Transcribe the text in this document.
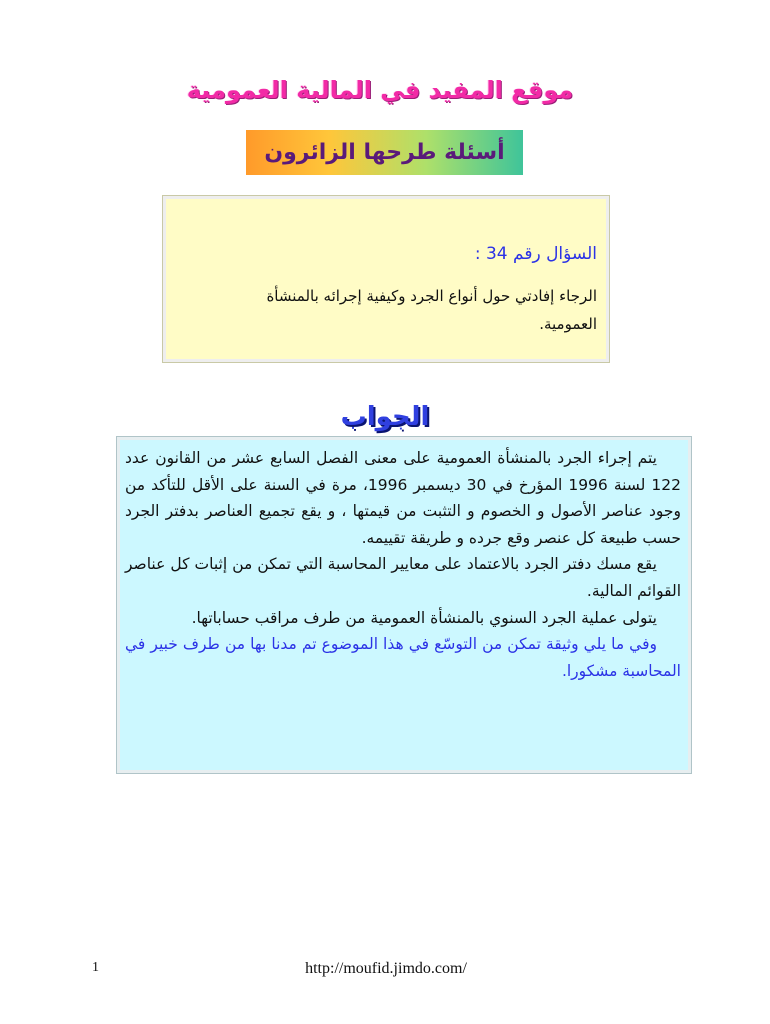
موقع المفيد في المالية العمومية
أسئلة طرحها الزائرون
السؤال رقم 34 :
الرجاء إفادتي حول أنواع الجرد وكيفية إجرائه بالمنشأة العمومية.
الجواب

يتم إجراء الجرد بالمنشأة العمومية على معنى الفصل السابع عشر من القانون عدد 122 لسنة 1996 المؤرخ في 30 ديسمبر 1996، مرة في السنة على الأقل للتأكد من وجود عناصر الأصول و الخصوم و التثبت من قيمتها ، و يقع تجميع العناصر بدفتر الجرد حسب طبيعة كل عنصر وقع جرده و طريقة تقييمه.

يقع مسك دفتر الجرد بالاعتماد على معايير المحاسبة التي تمكن من إثبات كل عناصر القوائم المالية.

يتولى عملية الجرد السنوي بالمنشأة العمومية من طرف مراقب حساباتها.

وفي ما يلي وثيقة تمكن من التوسّع في هذا الموضوع تم مدنا بها من طرف خبير في المحاسبة مشكورا.

1	http://moufid.jimdo.com/
